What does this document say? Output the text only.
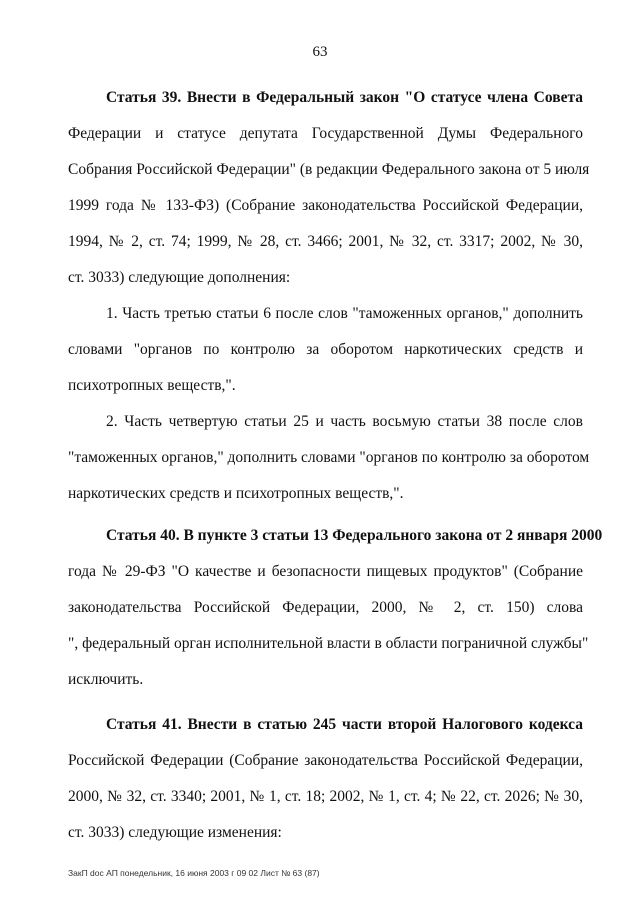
63
Статья 39. Внести в Федеральный закон "О статусе члена Совета
Федерации и статусе депутата Государственной Думы Федерального
Собрания Российской Федерации" (в редакции Федерального закона от 5 июля
1999 года № 133-ФЗ) (Собрание законодательства Российской Федерации,
1994, № 2, ст. 74; 1999, № 28, ст. 3466; 2001, № 32, ст. 3317; 2002, № 30,
ст. 3033) следующие дополнения:
1. Часть третью статьи 6 после слов "таможенных органов," дополнить
словами "органов по контролю за оборотом наркотических средств и
психотропных веществ,".
2. Часть четвертую статьи 25 и часть восьмую статьи 38 после слов
"таможенных органов," дополнить словами "органов по контролю за оборотом
наркотических средств и психотропных веществ,".
Статья 40. В пункте 3 статьи 13 Федерального закона от 2 января 2000
года № 29-ФЗ "О качестве и безопасности пищевых продуктов" (Собрание
законодательства Российской Федерации, 2000, № 2, ст. 150) слова
", федеральный орган исполнительной власти в области пограничной службы"
исключить.
Статья 41. Внести в статью 245 части второй Налогового кодекса
Российской Федерации (Собрание законодательства Российской Федерации,
2000, № 32, ст. 3340; 2001, № 1, ст. 18; 2002, № 1, ст. 4; № 22, ст. 2026; № 30,
ст. 3033) следующие изменения:
ЗакП doc АП понедельник, 16 июня 2003 г 09 02 Лист № 63 (87)
